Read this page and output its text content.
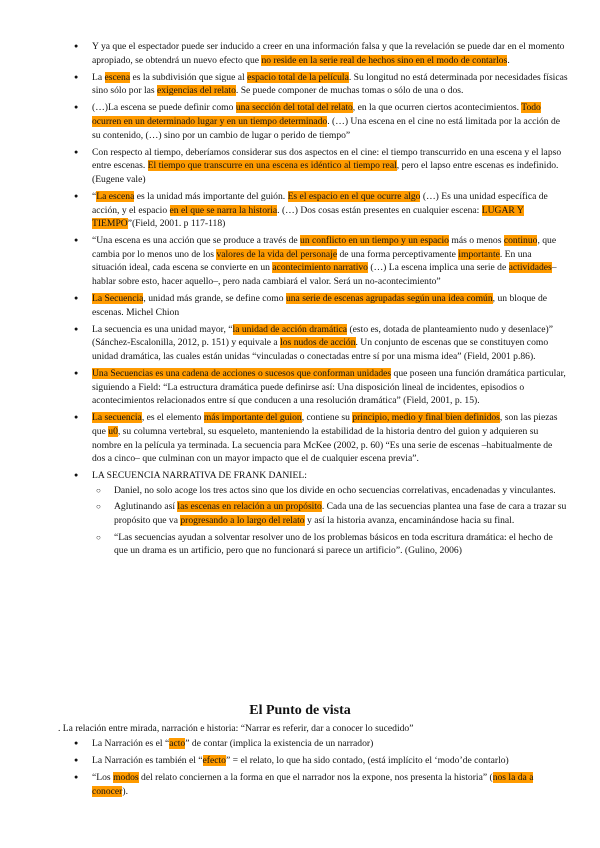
● Y ya que el espectador puede ser inducido a creer en una información falsa y que la revelación se puede dar en el momento apropiado, se obtendrá un nuevo efecto que no reside en la serie real de hechos sino en el modo de contarlos.
● La escena es la subdivisión que sigue al espacio total de la película. Su longitud no está determinada por necesidades físicas sino sólo por las exigencias del relato. Se puede componer de muchas tomas o sólo de una o dos.
● (…)La escena se puede definir como una sección del total del relato, en la que ocurren ciertos acontecimientos. Todo ocurren en un determinado lugar y en un tiempo determinado. (…) Una escena en el cine no está limitada por la acción de su contenido, (…) sino por un cambio de lugar o perido de tiempo”
● Con respecto al tiempo, deberíamos considerar sus dos aspectos en el cine: el tiempo transcurrido en una escena y el lapso entre escenas. El tiempo que transcurre en una escena es idéntico al tiempo real, pero el lapso entre escenas es indefinido. (Eugene vale)
● “La escena es la unidad más importante del guión. Es el espacio en el que ocurre algo (…) Es una unidad específica de acción, y el espacio en el que se narra la historia. (…) Dos cosas están presentes en cualquier escena: LUGAR Y TIEMPO”(Field, 2001. p 117-118)
● “Una escena es una acción que se produce a través de un conflicto en un tiempo y un espacio más o menos continuo, que cambia por lo menos uno de los valores de la vida del personaje de una forma perceptivamente importante. En una situación ideal, cada escena se convierte en un acontecimiento narrativo (…) La escena implica una serie de actividades–hablar sobre esto, hacer aquello–, pero nada cambiará el valor. Será un no-acontecimiento”
● La Secuencia, unidad más grande, se define como una serie de escenas agrupadas según una idea común, un bloque de escenas. Michel Chion
● La secuencia es una unidad mayor, “la unidad de acción dramática (esto es, dotada de planteamiento nudo y desenlace)” (Sánchez-Escalonilla, 2012, p. 151) y equivale a los nudos de acción. Un conjunto de escenas que se constituyen como unidad dramática, las cuales están unidas “vinculadas o conectadas entre sí por una misma idea” (Field, 2001 p.86).
● Una Secuencias es una cadena de acciones o sucesos que conforman unidades que poseen una función dramática particular, siguiendo a Field: “La estructura dramática puede definirse así: Una disposición lineal de incidentes, episodios o acontecimientos relacionados entre sí que conducen a una resolución dramática” (Field, 2001, p. 15).
● La secuencia, es el elemento más importante del guion, contiene su principio, medio y final bien definidos, son las piezas que u0, su columna vertebral, su esqueleto, manteniendo la estabilidad de la historia dentro del guion y adquieren su nombre en la película ya terminada. La secuencia para McKee (2002, p. 60) “Es una serie de escenas –habitualmente de dos a cinco– que culminan con un mayor impacto que el de cualquier escena previa”.
● LA SECUENCIA NARRATIVA DE FRANK DANIEL:
○ Daniel, no solo acoge los tres actos sino que los divide en ocho secuencias correlativas, encadenadas y vinculantes.
○ Aglutinando así las escenas en relación a un propósito. Cada una de las secuencias plantea una fase de cara a trazar su propósito que va progresando a lo largo del relato y así la historia avanza, encaminándose hacia su final.
○ “Las secuencias ayudan a solventar resolver uno de los problemas básicos en toda escritura dramática: el hecho de que un drama es un artificio, pero que no funcionará si parece un artificio”. (Gulino, 2006)
El Punto de vista
. La relación entre mirada, narración e historia: “Narrar es referir, dar a conocer lo sucedido”
● La Narración es el “acto” de contar (implica la existencia de un narrador)
● La Narración es también el “efecto” = el relato, lo que ha sido contado, (está implícito el ‘modo’de contarlo)
● “Los modos del relato conciernen a la forma en que el narrador nos la expone, nos presenta la historia” (nos la da a conocer).
